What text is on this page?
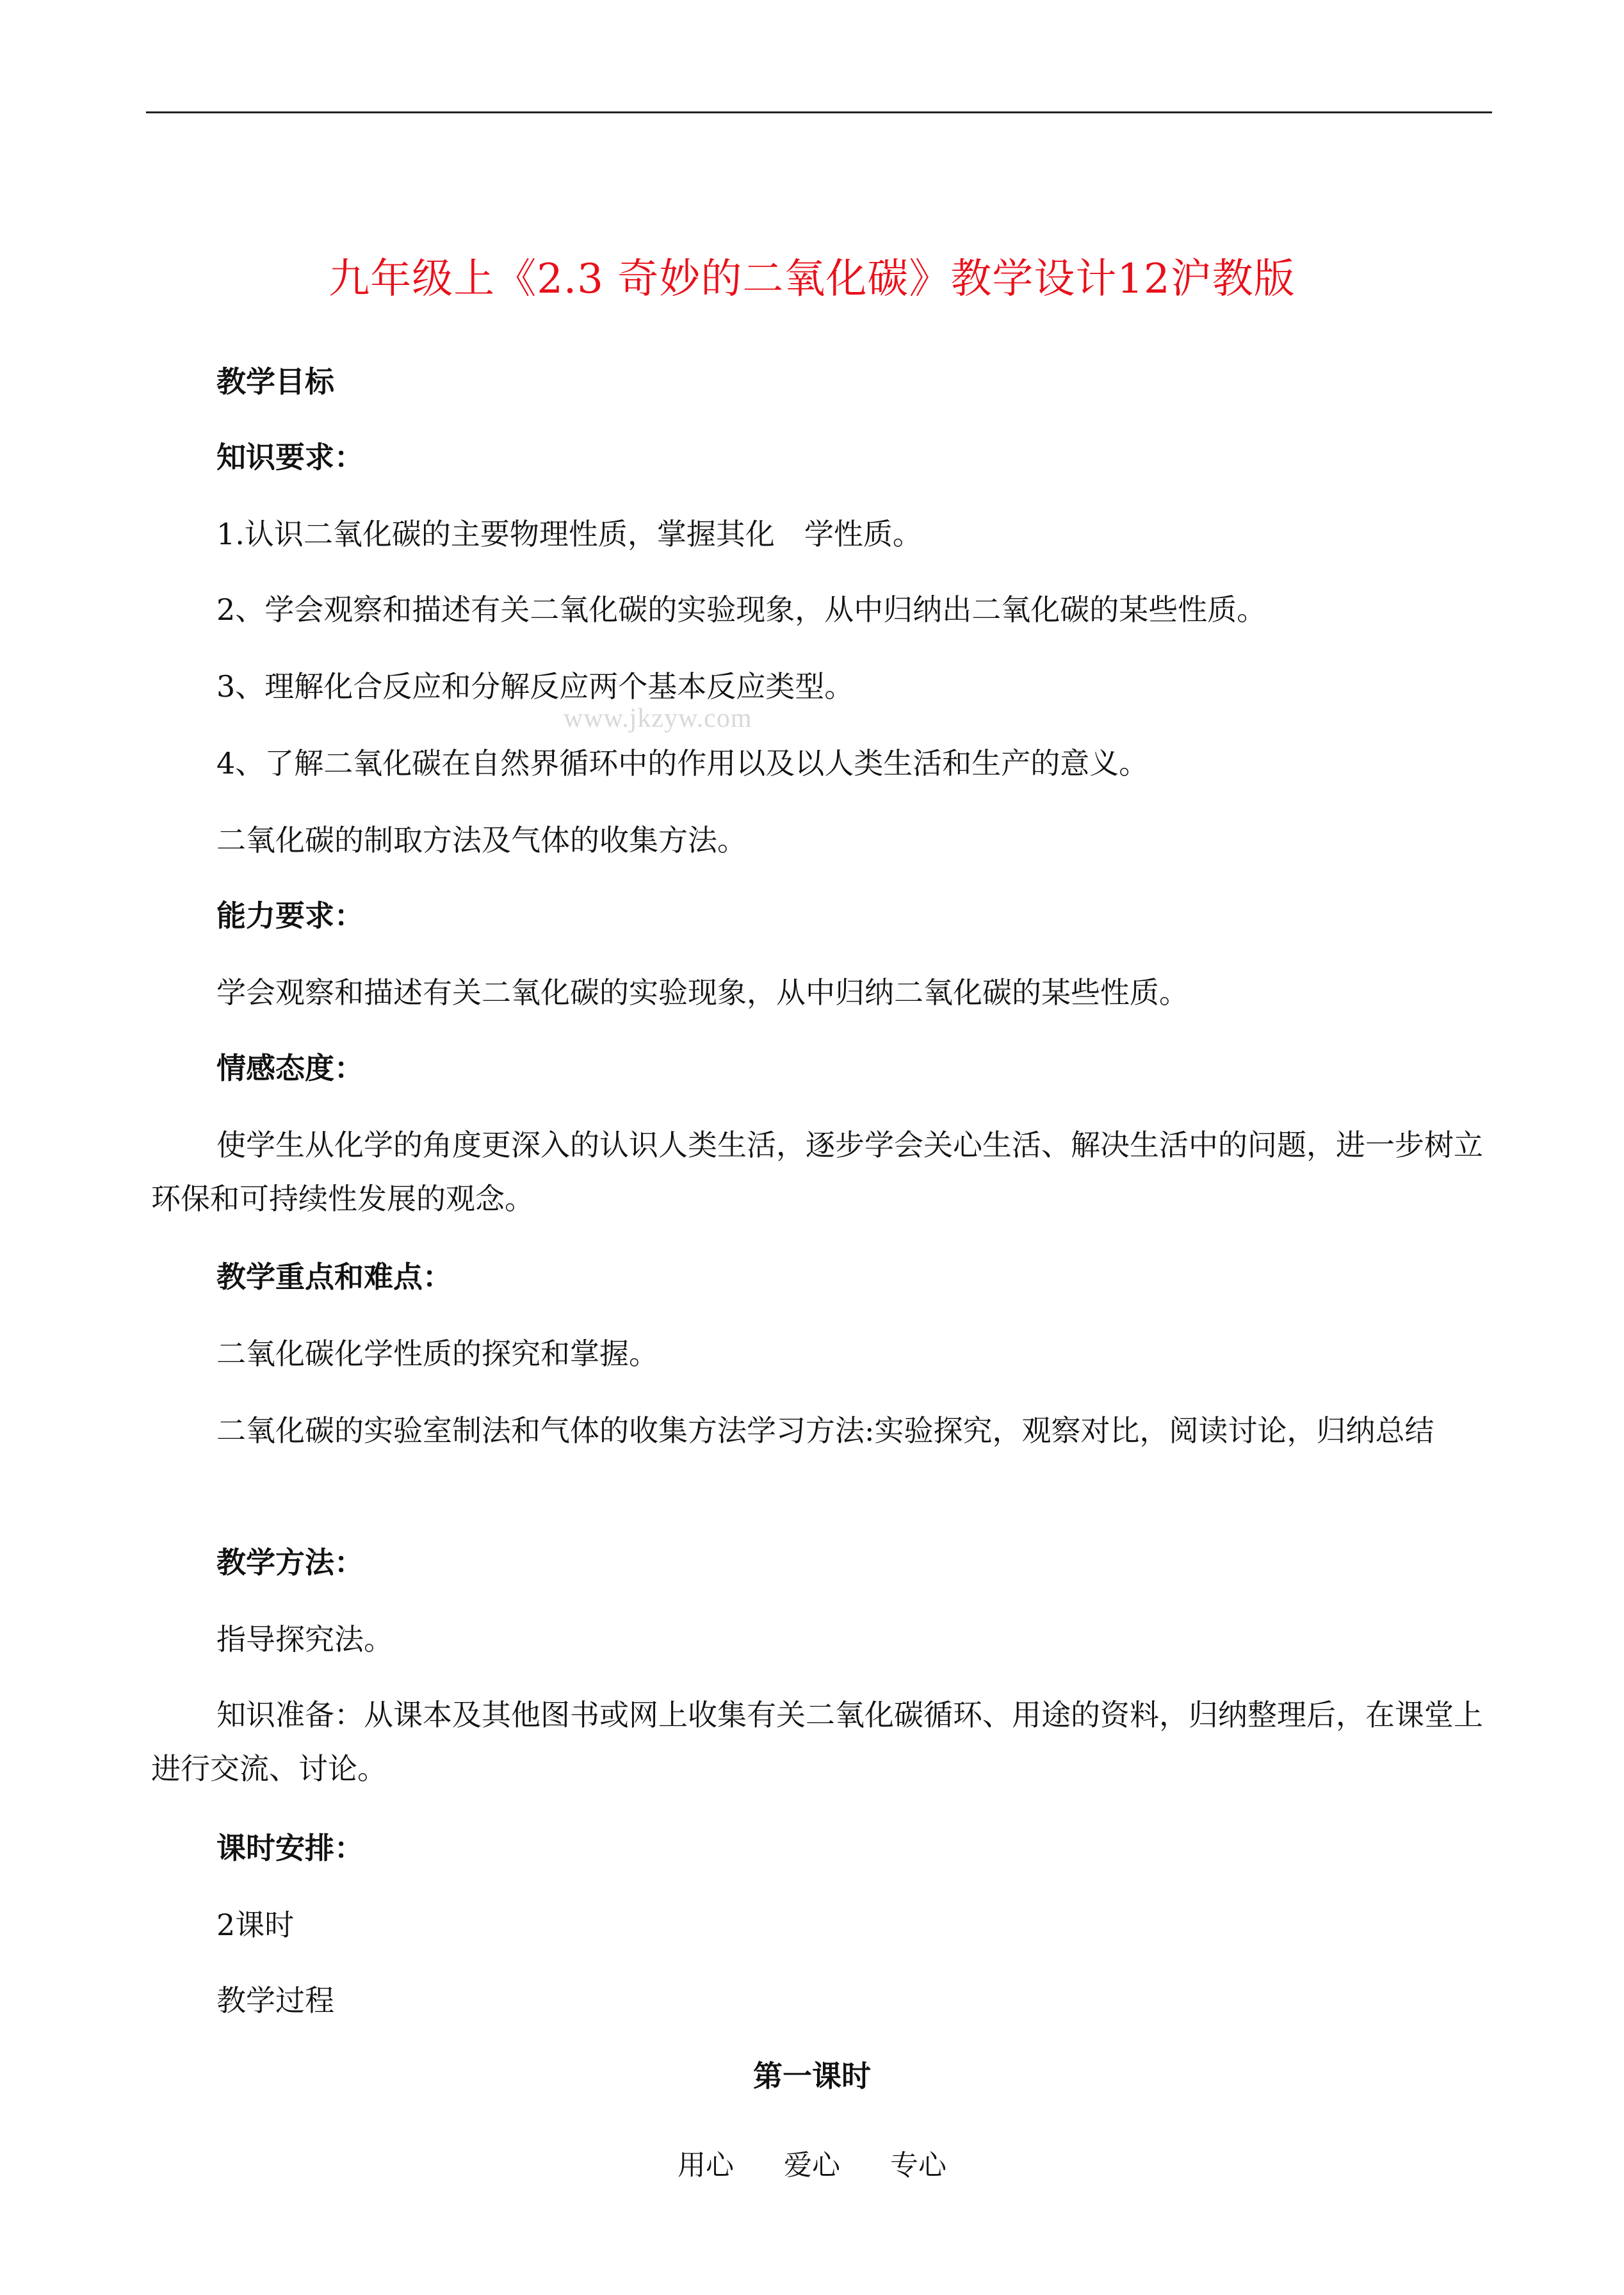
九年级上《2.3 奇妙的二氧化碳》教学设计12沪教版
教学目标
知识要求：
1.认识二氧化碳的主要物理性质，掌握其化　学性质。
2、学会观察和描述有关二氧化碳的实验现象，从中归纳出二氧化碳的某些性质。
3、理解化合反应和分解反应两个基本反应类型。
www.jkzyw.com
4、了解二氧化碳在自然界循环中的作用以及以人类生活和生产的意义。
二氧化碳的制取方法及气体的收集方法。
能力要求：
学会观察和描述有关二氧化碳的实验现象，从中归纳二氧化碳的某些性质。
情感态度：
使学生从化学的角度更深入的认识人类生活，逐步学会关心生活、解决生活中的问题，进一步树立环保和可持续性发展的观念。
教学重点和难点：
二氧化碳化学性质的探究和掌握。
二氧化碳的实验室制法和气体的收集方法学习方法:实验探究，观察对比，阅读讨论，归纳总结
教学方法：
指导探究法。
知识准备：从课本及其他图书或网上收集有关二氧化碳循环、用途的资料，归纳整理后，在课堂上进行交流、讨论。
课时安排：
2课时
教学过程
第一课时
用心 爱心 专心
